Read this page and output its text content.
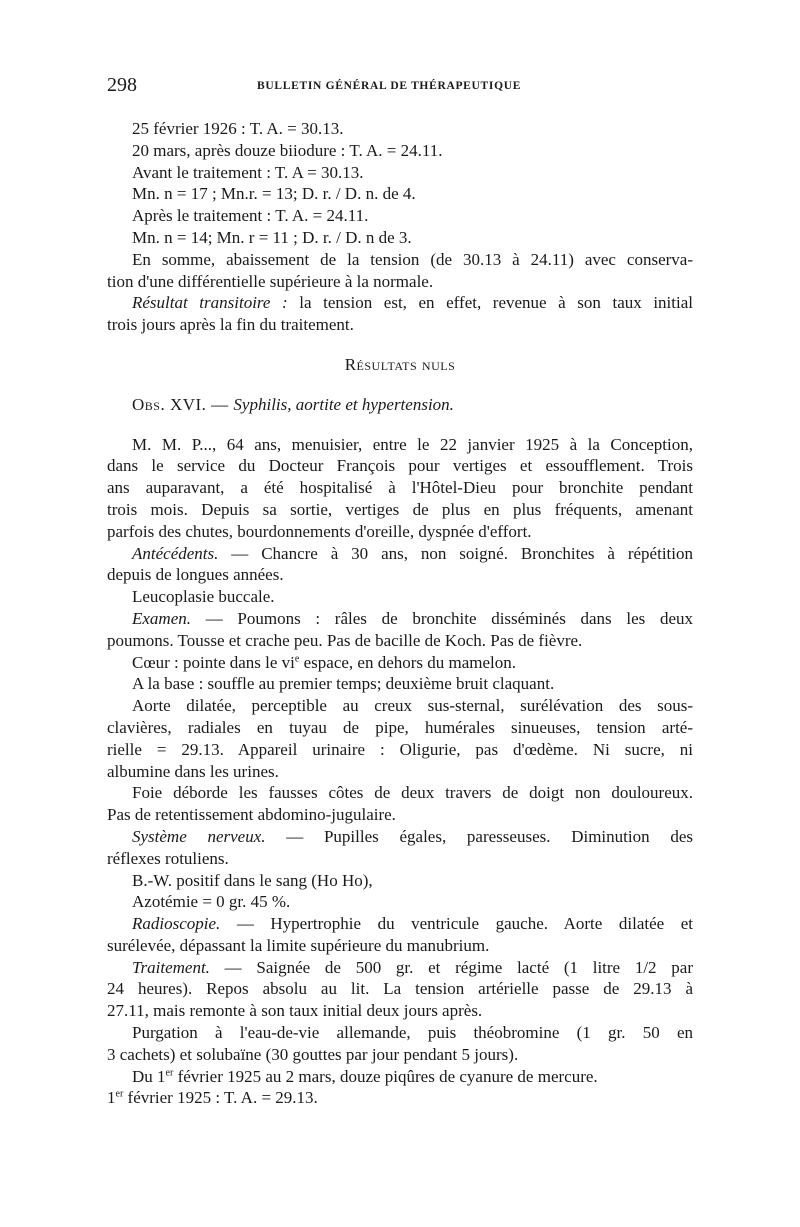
298	BULLETIN GÉNÉRAL DE THÉRAPEUTIQUE
25 février 1926 : T. A. = 30.13.
20 mars, après douze biiodure : T. A. = 24.11.
Avant le traitement : T. A = 30.13.
Mn. n = 17 ; Mn.r. = 13; D. r. / D. n. de 4.
Après le traitement : T. A. = 24.11.
Mn. n = 14; Mn. r = 11 ; D. r. / D. n de 3.
En somme, abaissement de la tension (de 30.13 à 24.11) avec conserva-
tion d'une différentielle supérieure à la normale.
Résultat transitoire : la tension est, en effet, revenue à son taux initial
trois jours après la fin du traitement.
Résultats nuls
Obs. XVI. — Syphilis, aortite et hypertension.
M. M. P..., 64 ans, menuisier, entre le 22 janvier 1925 à la Conception,
dans le service du Docteur François pour vertiges et essoufflement. Trois
ans auparavant, a été hospitalisé à l'Hôtel-Dieu pour bronchite pendant
trois mois. Depuis sa sortie, vertiges de plus en plus fréquents, amenant
parfois des chutes, bourdonnements d'oreille, dyspnée d'effort.
Antécédents. — Chancre à 30 ans, non soigné. Bronchites à répétition
depuis de longues années.
Leucoplasie buccale.
Examen. — Poumons : râles de bronchite disséminés dans les deux
poumons. Tousse et crache peu. Pas de bacille de Koch. Pas de fièvre.
Cœur : pointe dans le $vi^e$ espace, en dehors du mamelon.
A la base : souffle au premier temps; deuxième bruit claquant.
Aorte dilatée, perceptible au creux sus-sternal, surélévation des sous-
clavières, radiales en tuyau de pipe, humérales sinueuses, tension arté-
rielle = 29.13. Appareil urinaire : Oligurie, pas d'œdème. Ni sucre, ni
albumine dans les urines.
Foie déborde les fausses côtes de deux travers de doigt non douloureux.
Pas de retentissement abdomino-jugulaire.
Système nerveux. — Pupilles égales, paresseuses. Diminution des
réflexes rotuliens.
B.-W. positif dans le sang (Ho Ho),
Azotémie = 0 gr. 45 %.
Radioscopie. — Hypertrophie du ventricule gauche. Aorte dilatée et
surélevée, dépassant la limite supérieure du manubrium.
Traitement. — Saignée de 500 gr. et régime lacté (1 litre 1/2 par
24 heures). Repos absolu au lit. La tension artérielle passe de 29.13 à
27.11, mais remonte à son taux initial deux jours après.
Purgation à l'eau-de-vie allemande, puis théobromine (1 gr. 50 en
3 cachets) et solubaïne (30 gouttes par jour pendant 5 jours).
Du 1er février 1925 au 2 mars, douze piqûres de cyanure de mercure.
1er février 1925 : T. A. = 29.13.
